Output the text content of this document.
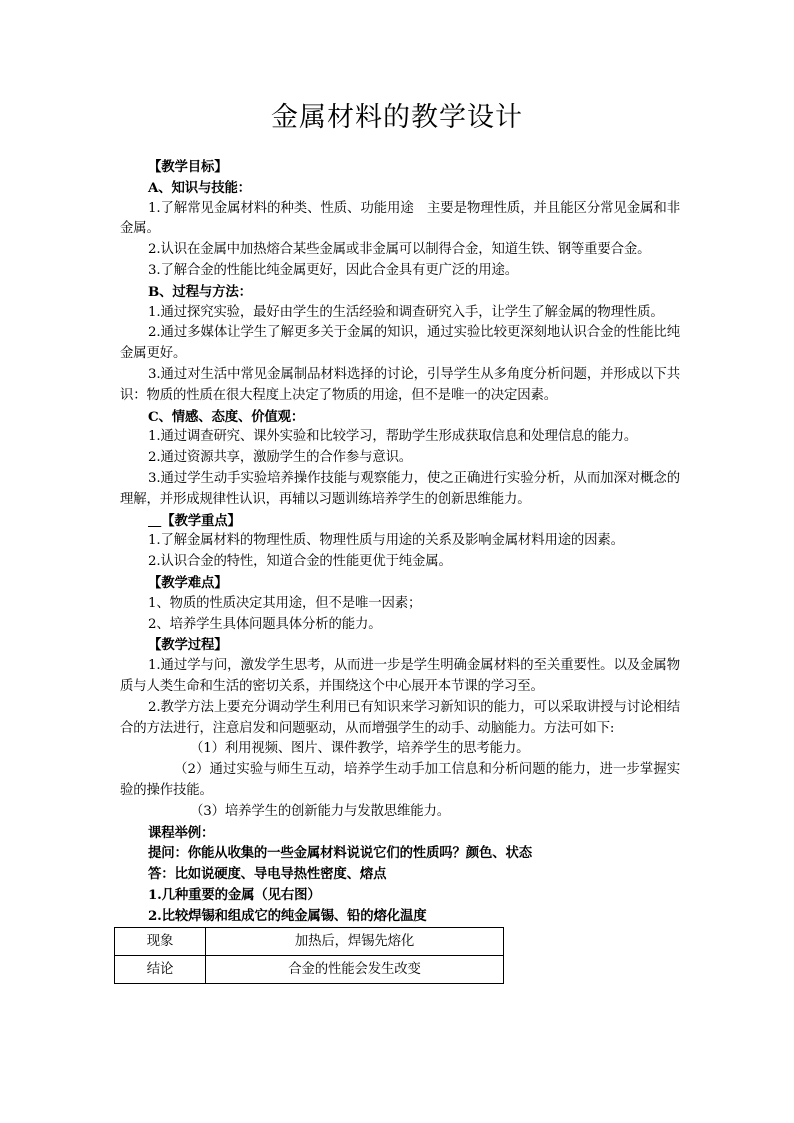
金属材料的教学设计

【教学目标】

A、知识与技能：

1.了解常见金属材料的种类、性质、功能用途　主要是物理性质，并且能区分常见金属和非金属。

2.认识在金属中加热熔合某些金属或非金属可以制得合金，知道生铁、钢等重要合金。

3.了解合金的性能比纯金属更好，因此合金具有更广泛的用途。

B、过程与方法：

1.通过探究实验，最好由学生的生活经验和调查研究入手，让学生了解金属的物理性质。

2.通过多媒体让学生了解更多关于金属的知识，通过实验比较更深刻地认识合金的性能比纯金属更好。

3.通过对生活中常见金属制品材料选择的讨论，引导学生从多角度分析问题，并形成以下共识：物质的性质在很大程度上决定了物质的用途，但不是唯一的决定因素。

C、情感、态度、价值观：

1.通过调查研究、课外实验和比较学习，帮助学生形成获取信息和处理信息的能力。

2.通过资源共享，激励学生的合作参与意识。

3.通过学生动手实验培养操作技能与观察能力，使之正确进行实验分析，从而加深对概念的理解，并形成规律性认识，再辅以习题训练培养学生的创新思维能力。

 【教学重点】

1.了解金属材料的物理性质、物理性质与用途的关系及影响金属材料用途的因素。

2.认识合金的特性，知道合金的性能更优于纯金属。

【教学难点】

1、物质的性质决定其用途，但不是唯一因素；

2、培养学生具体问题具体分析的能力。

【教学过程】

1.通过学与问，激发学生思考，从而进一步是学生明确金属材料的至关重要性。以及金属物质与人类生命和生活的密切关系，并围绕这个中心展开本节课的学习至。

2.教学方法上要充分调动学生利用已有知识来学习新知识的能力，可以采取讲授与讨论相结合的方法进行，注意启发和问题驱动，从而增强学生的动手、动脑能力。方法可如下:

（1）利用视频、图片、课件教学，培养学生的思考能力。

（2）通过实验与师生互动，培养学生动手加工信息和分析问题的能力，进一步掌握实验的操作技能。

（3）培养学生的创新能力与发散思维能力。

课程举例：

提问：你能从收集的一些金属材料说说它们的性质吗？颜色、状态

答：比如说硬度、导电导热性密度、熔点

1.几种重要的金属（见右图）

2.比较焊锡和组成它的纯金属锡、铅的熔化温度

现象	加热后，焊锡先熔化
结论	合金的性能会发生改变
